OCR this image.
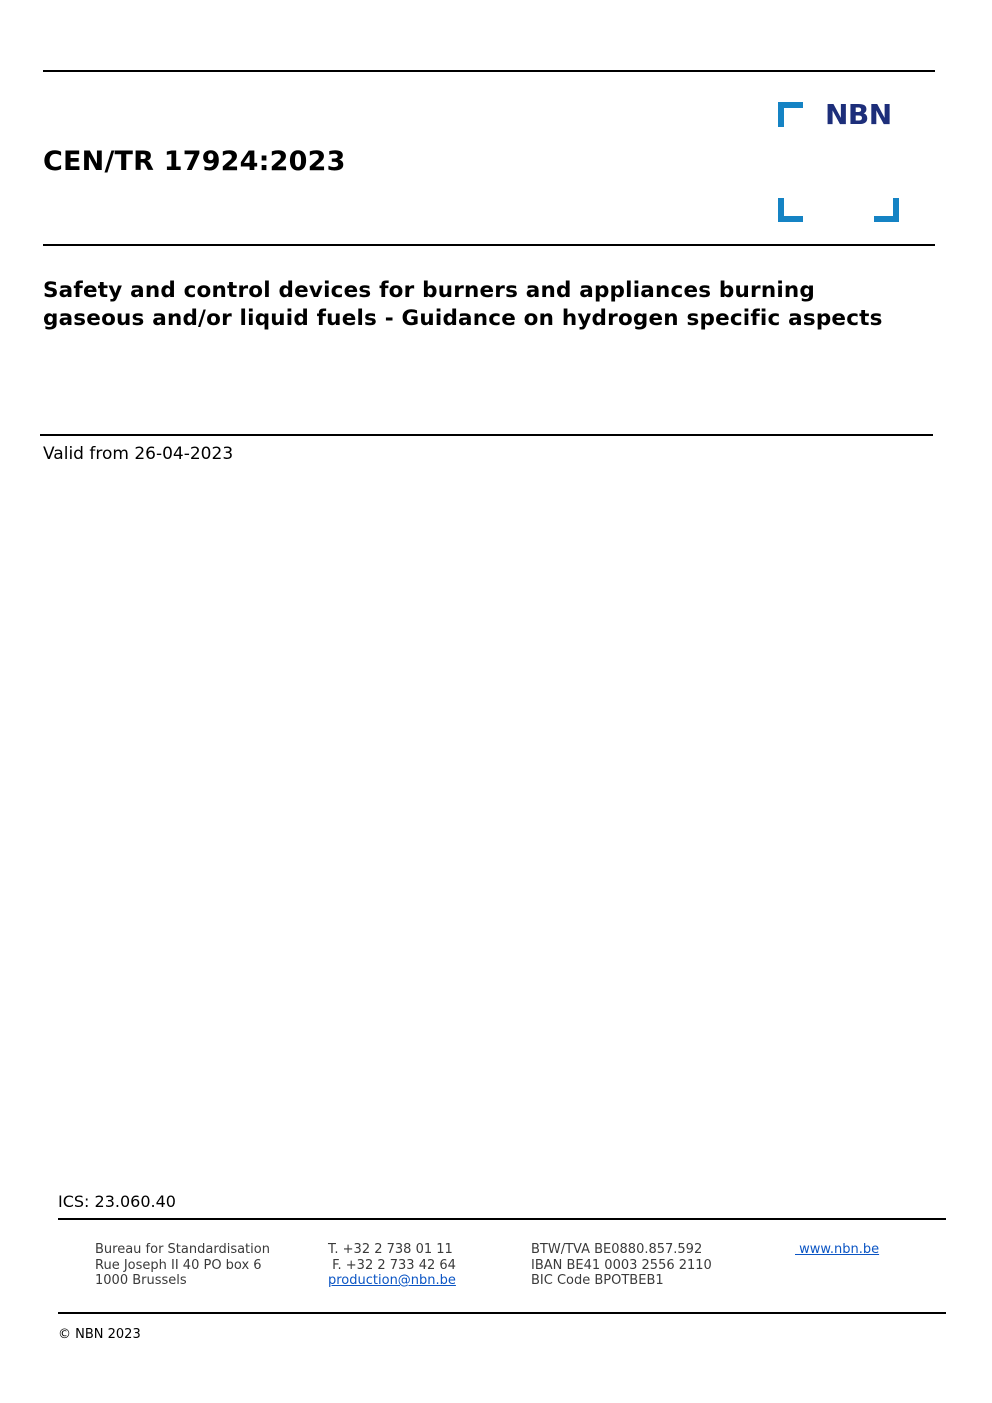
CEN/TR 17924:2023
NBN
Safety and control devices for burners and appliances burning gaseous and/or liquid fuels - Guidance on hydrogen specific aspects
Valid from 26-04-2023
ICS: 23.060.40
Bureau for Standardisation
Rue Joseph II 40 PO box 6
1000 Brussels
T. +32 2 738 01 11
F. +32 2 733 42 64
production@nbn.be
BTW/TVA BE0880.857.592
IBAN BE41 0003 2556 2110
BIC Code BPOTBEB1
www.nbn.be
© NBN 2023
